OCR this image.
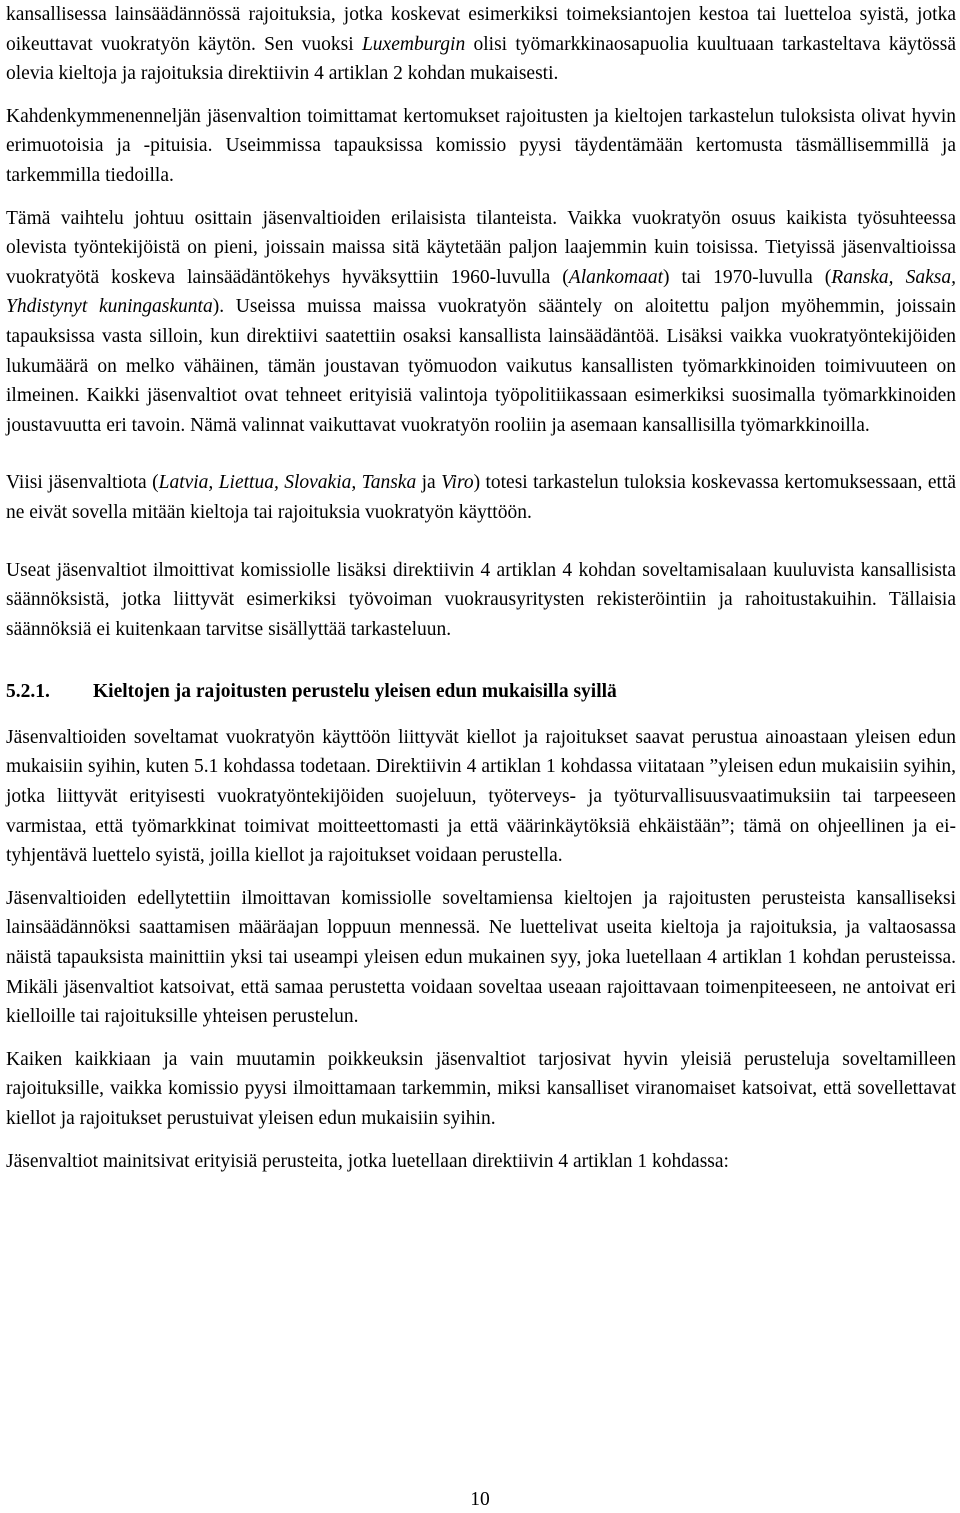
kansallisessa lainsäädännössä rajoituksia, jotka koskevat esimerkiksi toimeksiantojen kestoa tai luetteloa syistä, jotka oikeuttavat vuokratyön käytön. Sen vuoksi Luxemburgin olisi työmarkkinaosapuolia kuultuaan tarkasteltava käytössä olevia kieltoja ja rajoituksia direktiivin 4 artiklan 2 kohdan mukaisesti.

Kahdenkymmenenneljän jäsenvaltion toimittamat kertomukset rajoitusten ja kieltojen tarkastelun tuloksista olivat hyvin erimuotoisia ja -pituisia. Useimmissa tapauksissa komissio pyysi täydentämään kertomusta täsmällisemmillä ja tarkemmilla tiedoilla.

Tämä vaihtelu johtuu osittain jäsenvaltioiden erilaisista tilanteista. Vaikka vuokratyön osuus kaikista työsuhteessa olevista työntekijöistä on pieni, joissain maissa sitä käytetään paljon laajemmin kuin toisissa. Tietyissä jäsenvaltioissa vuokratyötä koskeva lainsäädäntökehys hyväksyttiin 1960-luvulla (Alankomaat) tai 1970-luvulla (Ranska, Saksa, Yhdistynyt kuningaskunta). Useissa muissa maissa vuokratyön sääntely on aloitettu paljon myöhemmin, joissain tapauksissa vasta silloin, kun direktiivi saatettiin osaksi kansallista lainsäädäntöä. Lisäksi vaikka vuokratyöntekijöiden lukumäärä on melko vähäinen, tämän joustavan työmuodon vaikutus kansallisten työmarkkinoiden toimivuuteen on ilmeinen. Kaikki jäsenvaltiot ovat tehneet erityisiä valintoja työpolitiikassaan esimerkiksi suosimalla työmarkkinoiden joustavuutta eri tavoin. Nämä valinnat vaikuttavat vuokratyön rooliin ja asemaan kansallisilla työmarkkinoilla.

Viisi jäsenvaltiota (Latvia, Liettua, Slovakia, Tanska ja Viro) totesi tarkastelun tuloksia koskevassa kertomuksessaan, että ne eivät sovella mitään kieltoja tai rajoituksia vuokratyön käyttöön.

Useat jäsenvaltiot ilmoittivat komissiolle lisäksi direktiivin 4 artiklan 4 kohdan soveltamisalaan kuuluvista kansallisista säännöksistä, jotka liittyvät esimerkiksi työvoiman vuokrausyritysten rekisteröintiin ja rahoitustakuihin. Tällaisia säännöksiä ei kuitenkaan tarvitse sisällyttää tarkasteluun.

5.2.1.	Kieltojen ja rajoitusten perustelu yleisen edun mukaisilla syillä

Jäsenvaltioiden soveltamat vuokratyön käyttöön liittyvät kiellot ja rajoitukset saavat perustua ainoastaan yleisen edun mukaisiin syihin, kuten 5.1 kohdassa todetaan. Direktiivin 4 artiklan 1 kohdassa viitataan ”yleisen edun mukaisiin syihin, jotka liittyvät erityisesti vuokratyöntekijöiden suojeluun, työterveys- ja työturvallisuusvaatimuksiin tai tarpeeseen varmistaa, että työmarkkinat toimivat moitteettomasti ja että väärinkäytöksiä ehkäistään”; tämä on ohjeellinen ja ei-tyhjentävä luettelo syistä, joilla kiellot ja rajoitukset voidaan perustella.

Jäsenvaltioiden edellytettiin ilmoittavan komissiolle soveltamiensa kieltojen ja rajoitusten perusteista kansalliseksi lainsäädännöksi saattamisen määräajan loppuun mennessä. Ne luettelivat useita kieltoja ja rajoituksia, ja valtaosassa näistä tapauksista mainittiin yksi tai useampi yleisen edun mukainen syy, joka luetellaan 4 artiklan 1 kohdan perusteissa. Mikäli jäsenvaltiot katsoivat, että samaa perustetta voidaan soveltaa useaan rajoittavaan toimenpiteeseen, ne antoivat eri kielloille tai rajoituksille yhteisen perustelun.

Kaiken kaikkiaan ja vain muutamin poikkeuksin jäsenvaltiot tarjosivat hyvin yleisiä perusteluja soveltamilleen rajoituksille, vaikka komissio pyysi ilmoittamaan tarkemmin, miksi kansalliset viranomaiset katsoivat, että sovellettavat kiellot ja rajoitukset perustuivat yleisen edun mukaisiin syihin.

Jäsenvaltiot mainitsivat erityisiä perusteita, jotka luetellaan direktiivin 4 artiklan 1 kohdassa:

10
